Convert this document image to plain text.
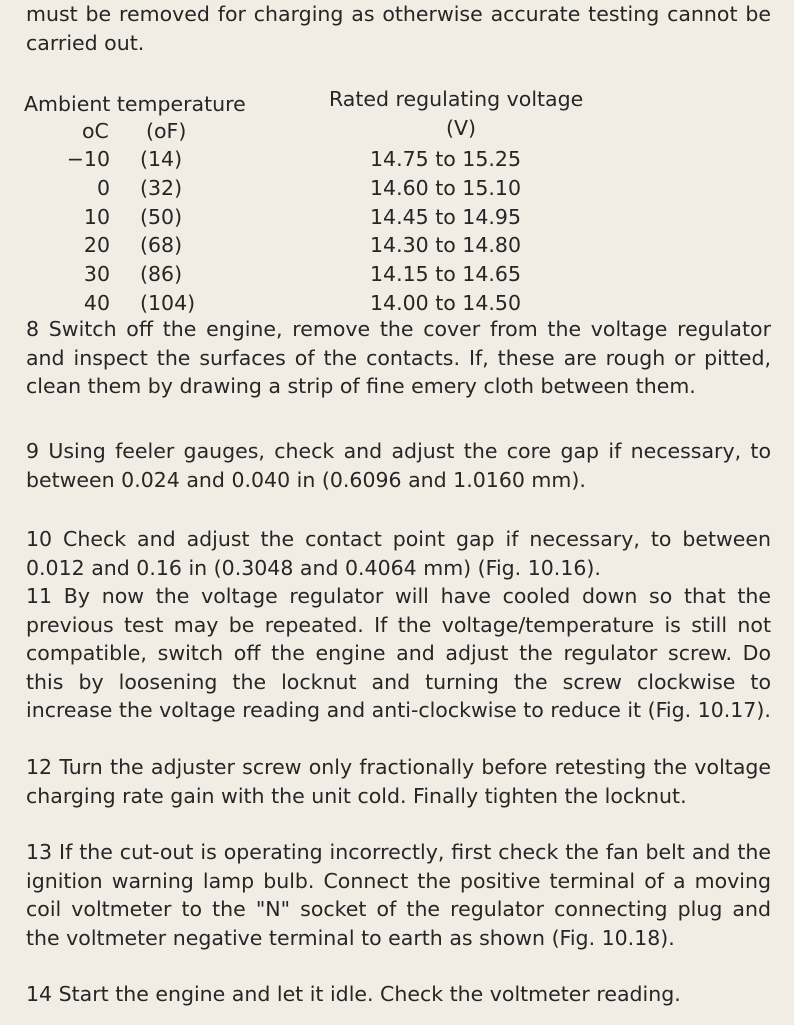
must be removed for charging as otherwise accurate testing cannot be carried out.

Ambient temperature	Rated regulating voltage
oC (oF)	(V)
−10 (14)	14.75 to 15.25
0 (32)	14.60 to 15.10
10 (50)	14.45 to 14.95
20 (68)	14.30 to 14.80
30 (86)	14.15 to 14.65
40 (104)	14.00 to 14.50

8 Switch off the engine, remove the cover from the voltage regulator and inspect the surfaces of the contacts. If, these are rough or pitted, clean them by drawing a strip of fine emery cloth between them.

9 Using feeler gauges, check and adjust the core gap if necessary, to between 0.024 and 0.040 in (0.6096 and 1.0160 mm).

10 Check and adjust the contact point gap if necessary, to between 0.012 and 0.16 in (0.3048 and 0.4064 mm) (Fig. 10.16).

11 By now the voltage regulator will have cooled down so that the previous test may be repeated. If the voltage/temperature is still not compatible, switch off the engine and adjust the regulator screw. Do this by loosening the locknut and turning the screw clockwise to increase the voltage reading and anti-clockwise to reduce it (Fig. 10.17).

12 Turn the adjuster screw only fractionally before retesting the voltage charging rate gain with the unit cold. Finally tighten the locknut.

13 If the cut-out is operating incorrectly, first check the fan belt and the ignition warning lamp bulb. Connect the positive terminal of a moving coil voltmeter to the "N" socket of the regulator connecting plug and the voltmeter negative terminal to earth as shown (Fig. 10.18).

14 Start the engine and let it idle. Check the voltmeter reading.
